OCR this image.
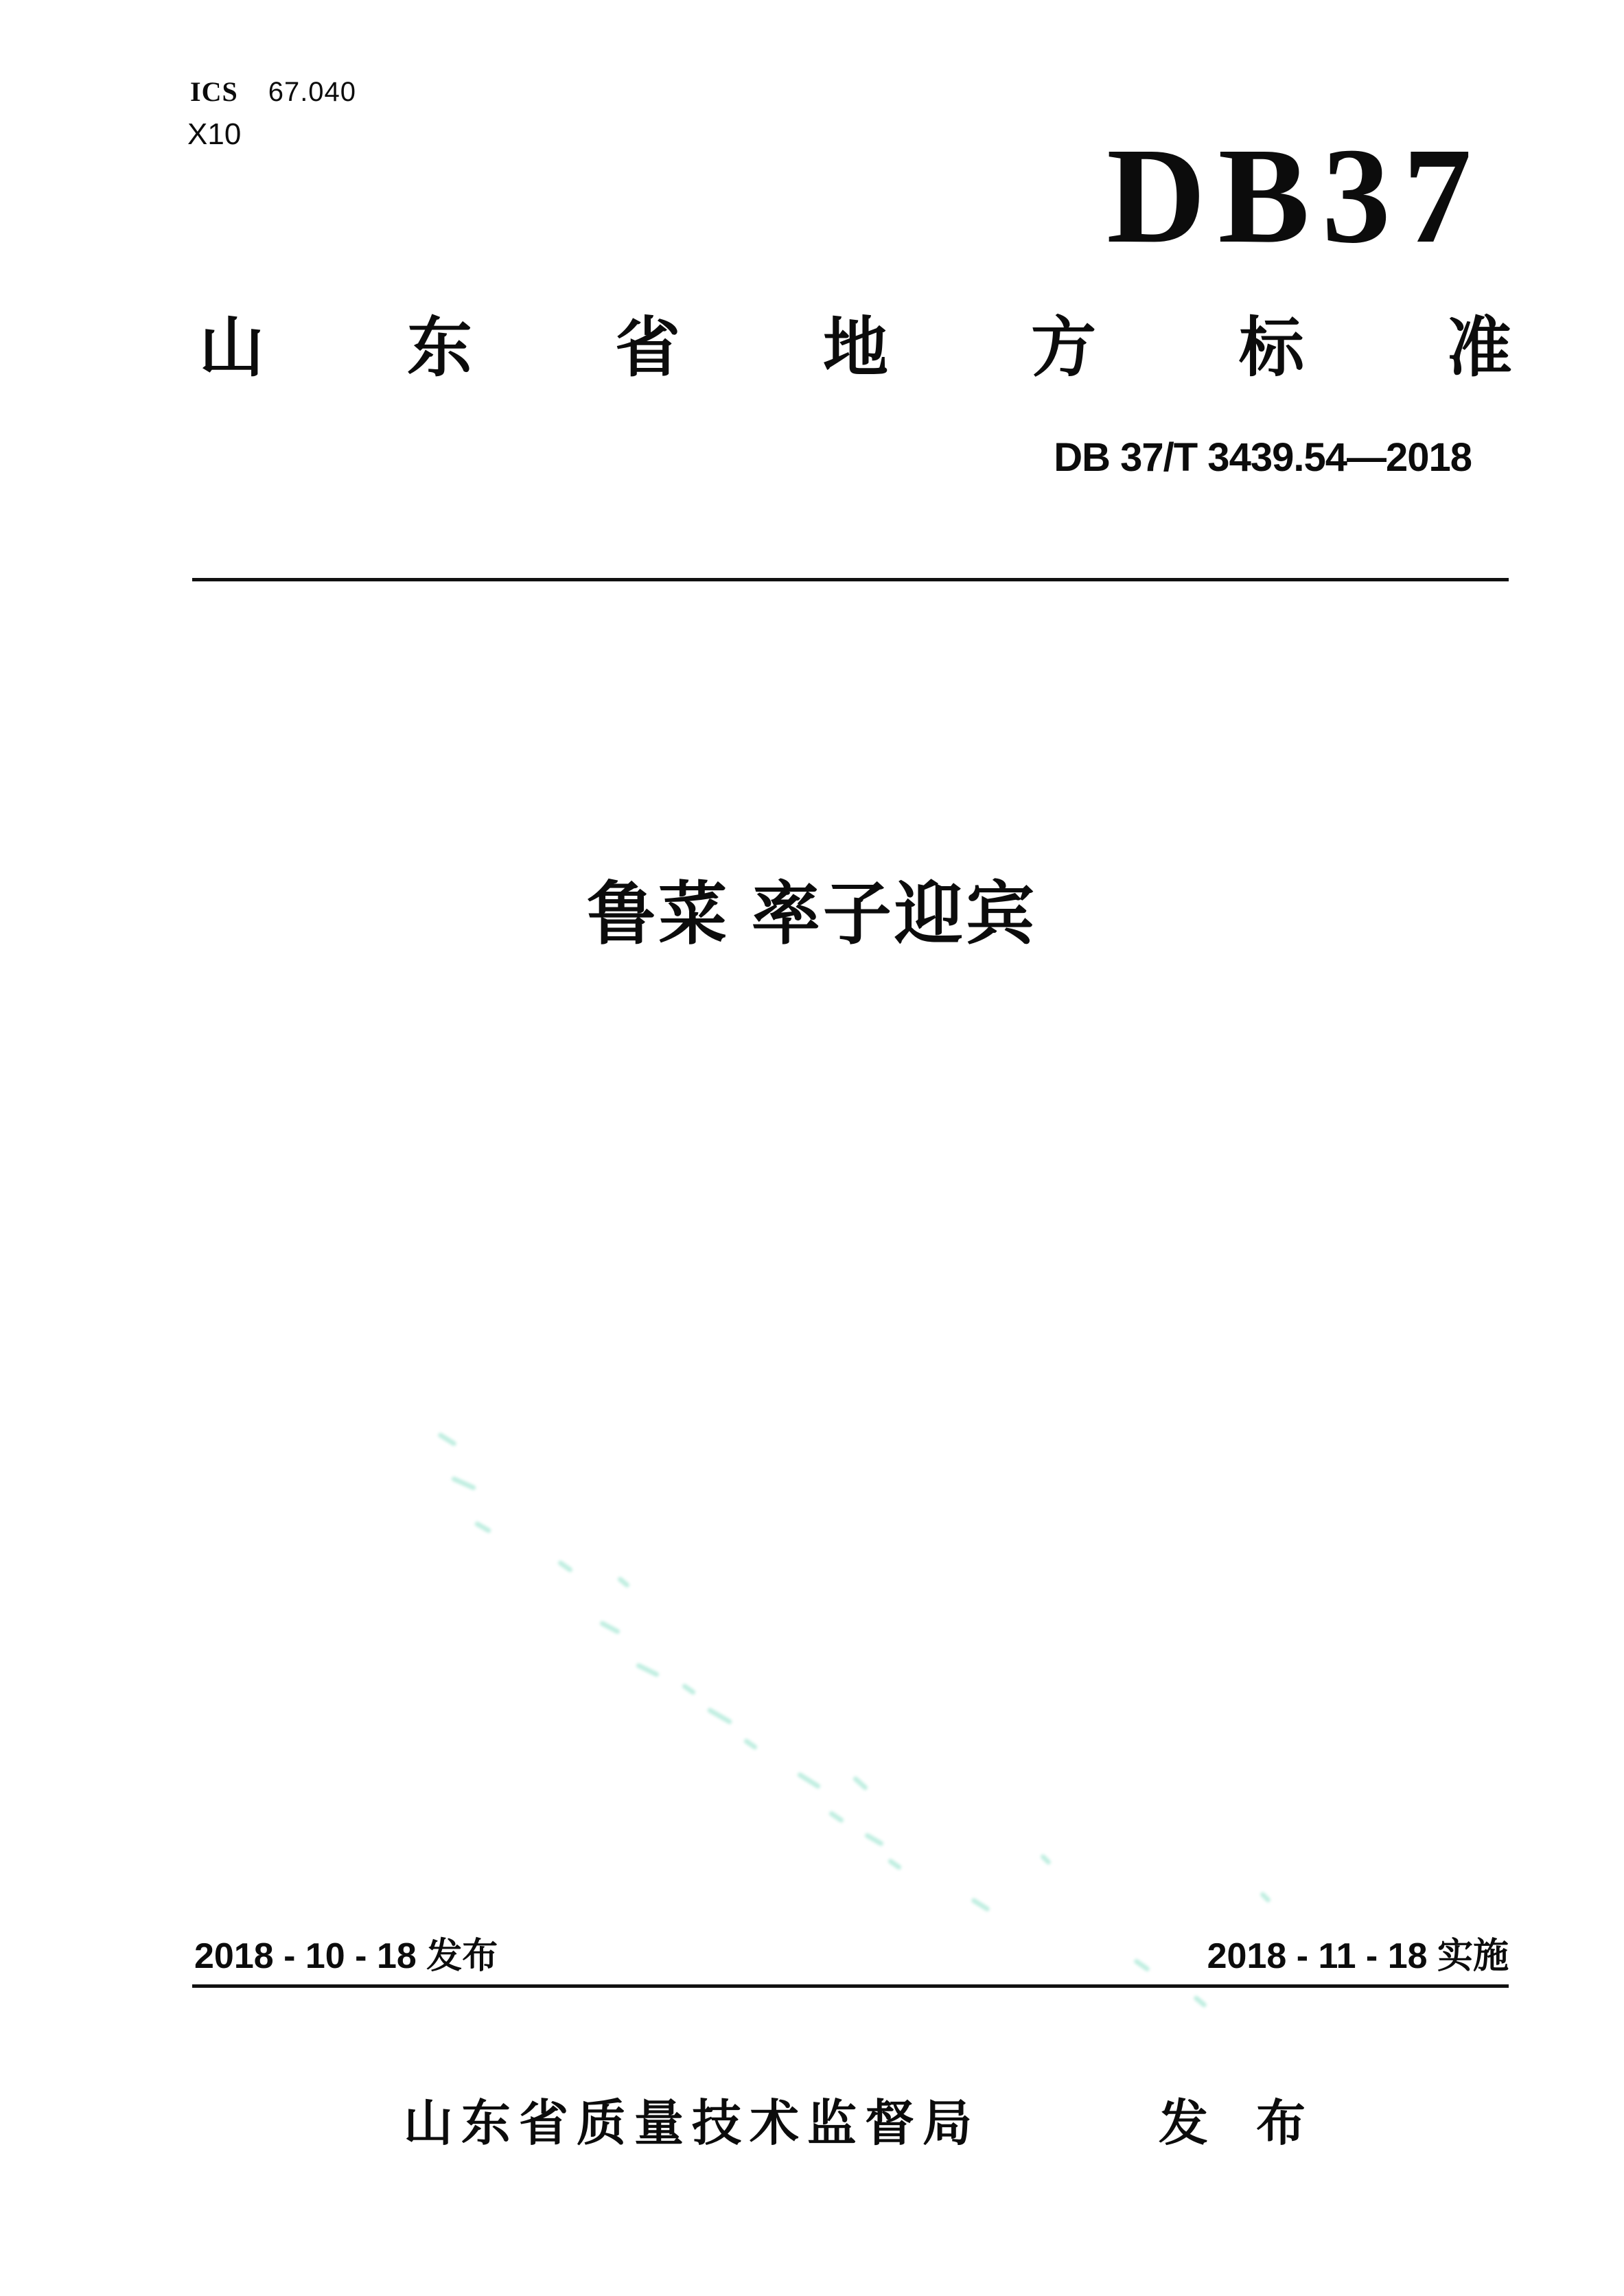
ICS 67.040
X10	DB37
山 东 省 地 方 标 准
DB 37/T 3439.54—2018
鲁菜 率子迎宾
2018 - 10 - 18 发布	2018 - 11 - 18 实施
山东省质量技术监督局	发 布
